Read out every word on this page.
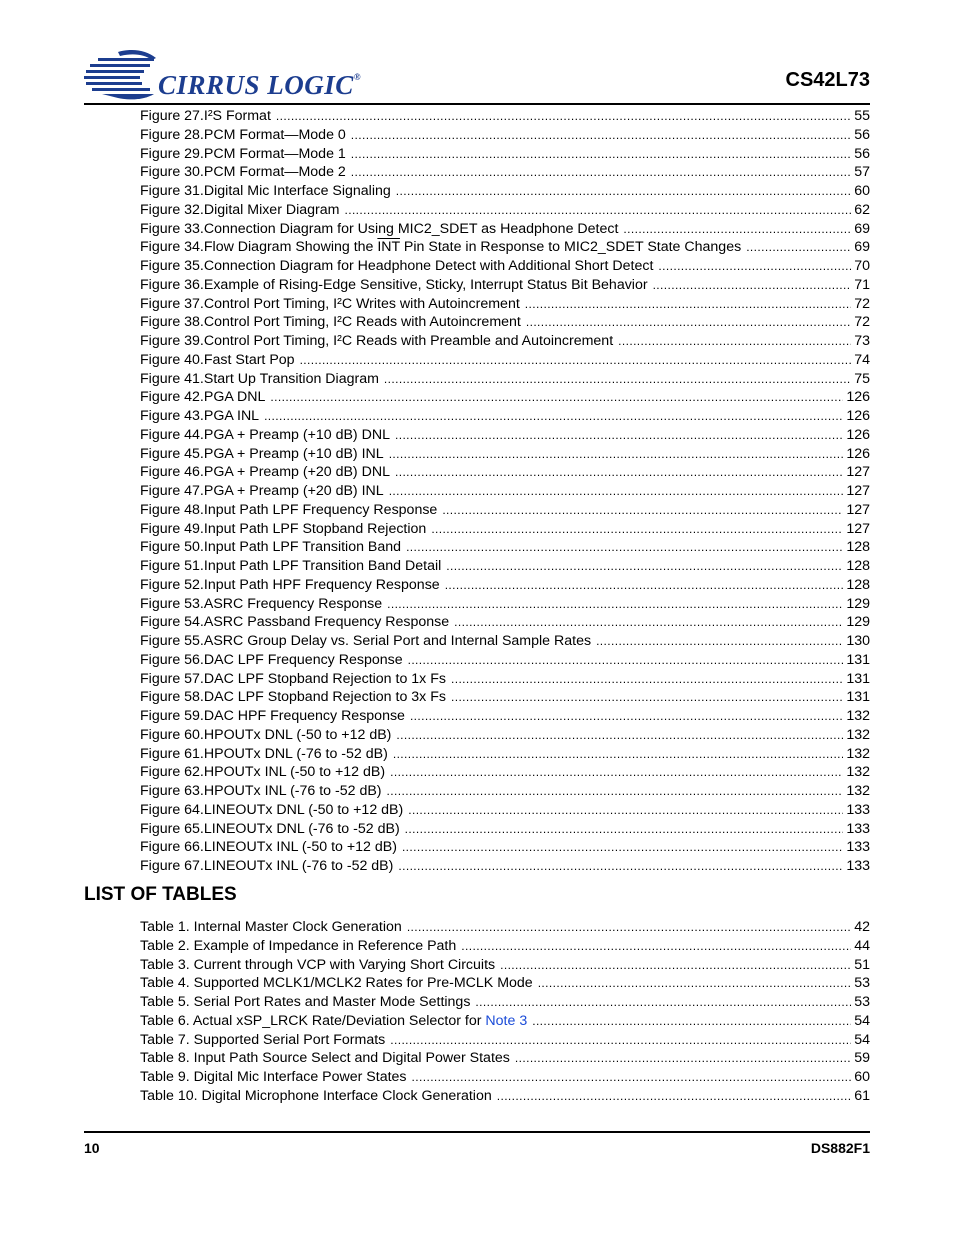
CIRRUS LOGIC®	CS42L73
Figure 27.I²S Format .....	55
Figure 28.PCM Format—Mode 0 .....	56
Figure 29.PCM Format—Mode 1 .....	56
Figure 30.PCM Format—Mode 2 .....	57
Figure 31.Digital Mic Interface Signaling .....	60
Figure 32.Digital Mixer Diagram .....	62
Figure 33.Connection Diagram for Using MIC2_SDET as Headphone Detect .....	69
Figure 34.Flow Diagram Showing the $\overline{INT}$ Pin State in Response to MIC2_SDET State Changes .....	69
Figure 35.Connection Diagram for Headphone Detect with Additional Short Detect .....	70
Figure 36.Example of Rising-Edge Sensitive, Sticky, Interrupt Status Bit Behavior .....	71
Figure 37.Control Port Timing, I²C Writes with Autoincrement .....	72
Figure 38.Control Port Timing, I²C Reads with Autoincrement .....	72
Figure 39.Control Port Timing, I²C Reads with Preamble and Autoincrement .....	73
Figure 40.Fast Start Pop .....	74
Figure 41.Start Up Transition Diagram .....	75
Figure 42.PGA DNL .....	126
Figure 43.PGA INL .....	126
Figure 44.PGA + Preamp (+10 dB) DNL .....	126
Figure 45.PGA + Preamp (+10 dB) INL .....	126
Figure 46.PGA + Preamp (+20 dB) DNL .....	127
Figure 47.PGA + Preamp (+20 dB) INL .....	127
Figure 48.Input Path LPF Frequency Response .....	127
Figure 49.Input Path LPF Stopband Rejection .....	127
Figure 50.Input Path LPF Transition Band .....	128
Figure 51.Input Path LPF Transition Band Detail .....	128
Figure 52.Input Path HPF Frequency Response .....	128
Figure 53.ASRC Frequency Response .....	129
Figure 54.ASRC Passband Frequency Response .....	129
Figure 55.ASRC Group Delay vs. Serial Port and Internal Sample Rates .....	130
Figure 56.DAC LPF Frequency Response .....	131
Figure 57.DAC LPF Stopband Rejection to 1x Fs .....	131
Figure 58.DAC LPF Stopband Rejection to 3x Fs .....	131
Figure 59.DAC HPF Frequency Response .....	132
Figure 60.HPOUTx DNL (-50 to +12 dB) .....	132
Figure 61.HPOUTx DNL (-76 to -52 dB) .....	132
Figure 62.HPOUTx INL (-50 to +12 dB) .....	132
Figure 63.HPOUTx INL (-76 to -52 dB) .....	132
Figure 64.LINEOUTx DNL (-50 to +12 dB) .....	133
Figure 65.LINEOUTx DNL (-76 to -52 dB) .....	133
Figure 66.LINEOUTx INL (-50 to +12 dB) .....	133
Figure 67.LINEOUTx INL (-76 to -52 dB) .....	133
LIST OF TABLES
Table 1. Internal Master Clock Generation .....	42
Table 2. Example of Impedance in Reference Path .....	44
Table 3. Current through VCP with Varying Short Circuits .....	51
Table 4. Supported MCLK1/MCLK2 Rates for Pre-MCLK Mode .....	53
Table 5. Serial Port Rates and Master Mode Settings .....	53
Table 6. Actual xSP_LRCK Rate/Deviation Selector for Note 3 .....	54
Table 7. Supported Serial Port Formats .....	54
Table 8. Input Path Source Select and Digital Power States .....	59
Table 9. Digital Mic Interface Power States .....	60
Table 10. Digital Microphone Interface Clock Generation .....	61
10	DS882F1
